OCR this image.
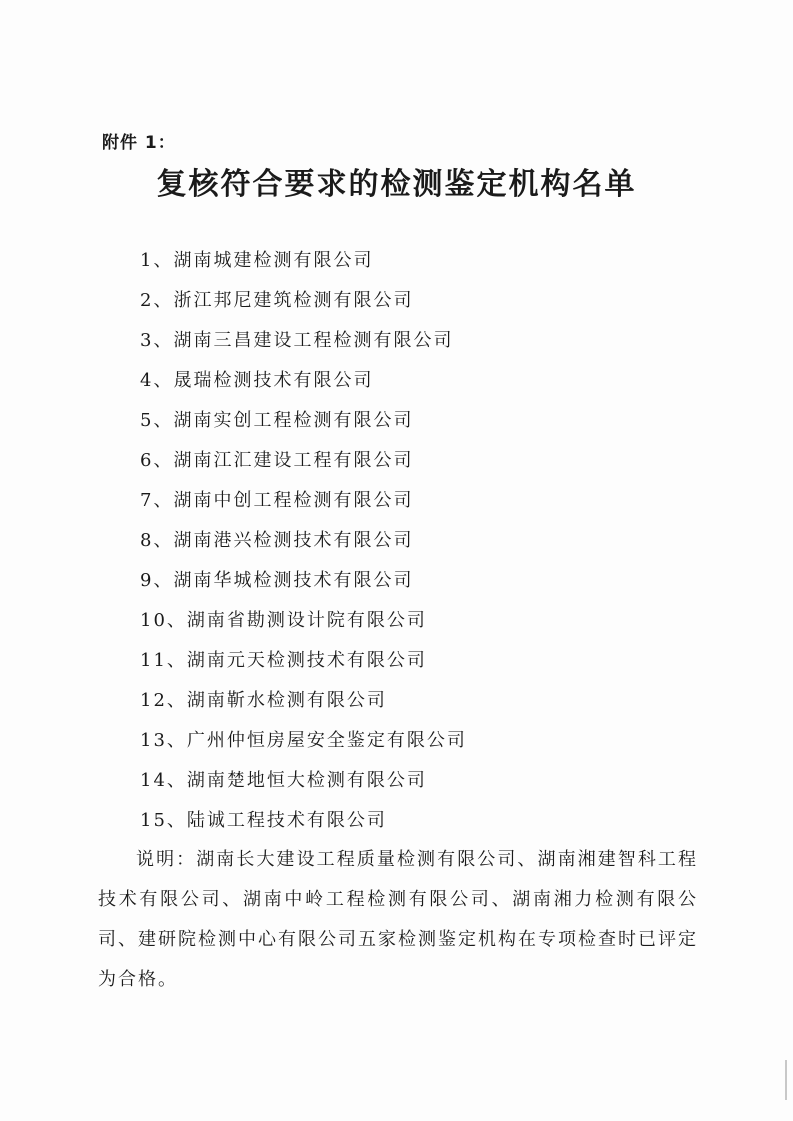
附件 1：
复核符合要求的检测鉴定机构名单
1、湖南城建检测有限公司
2、浙江邦尼建筑检测有限公司
3、湖南三昌建设工程检测有限公司
4、晟瑞检测技术有限公司
5、湖南实创工程检测有限公司
6、湖南江汇建设工程有限公司
7、湖南中创工程检测有限公司
8、湖南港兴检测技术有限公司
9、湖南华城检测技术有限公司
10、湖南省勘测设计院有限公司
11、湖南元天检测技术有限公司
12、湖南靳水检测有限公司
13、广州仲恒房屋安全鉴定有限公司
14、湖南楚地恒大检测有限公司
15、陆诚工程技术有限公司
说明：湖南长大建设工程质量检测有限公司、湖南湘建智科工程技术有限公司、湖南中岭工程检测有限公司、湖南湘力检测有限公司、建研院检测中心有限公司五家检测鉴定机构在专项检查时已评定为合格。
